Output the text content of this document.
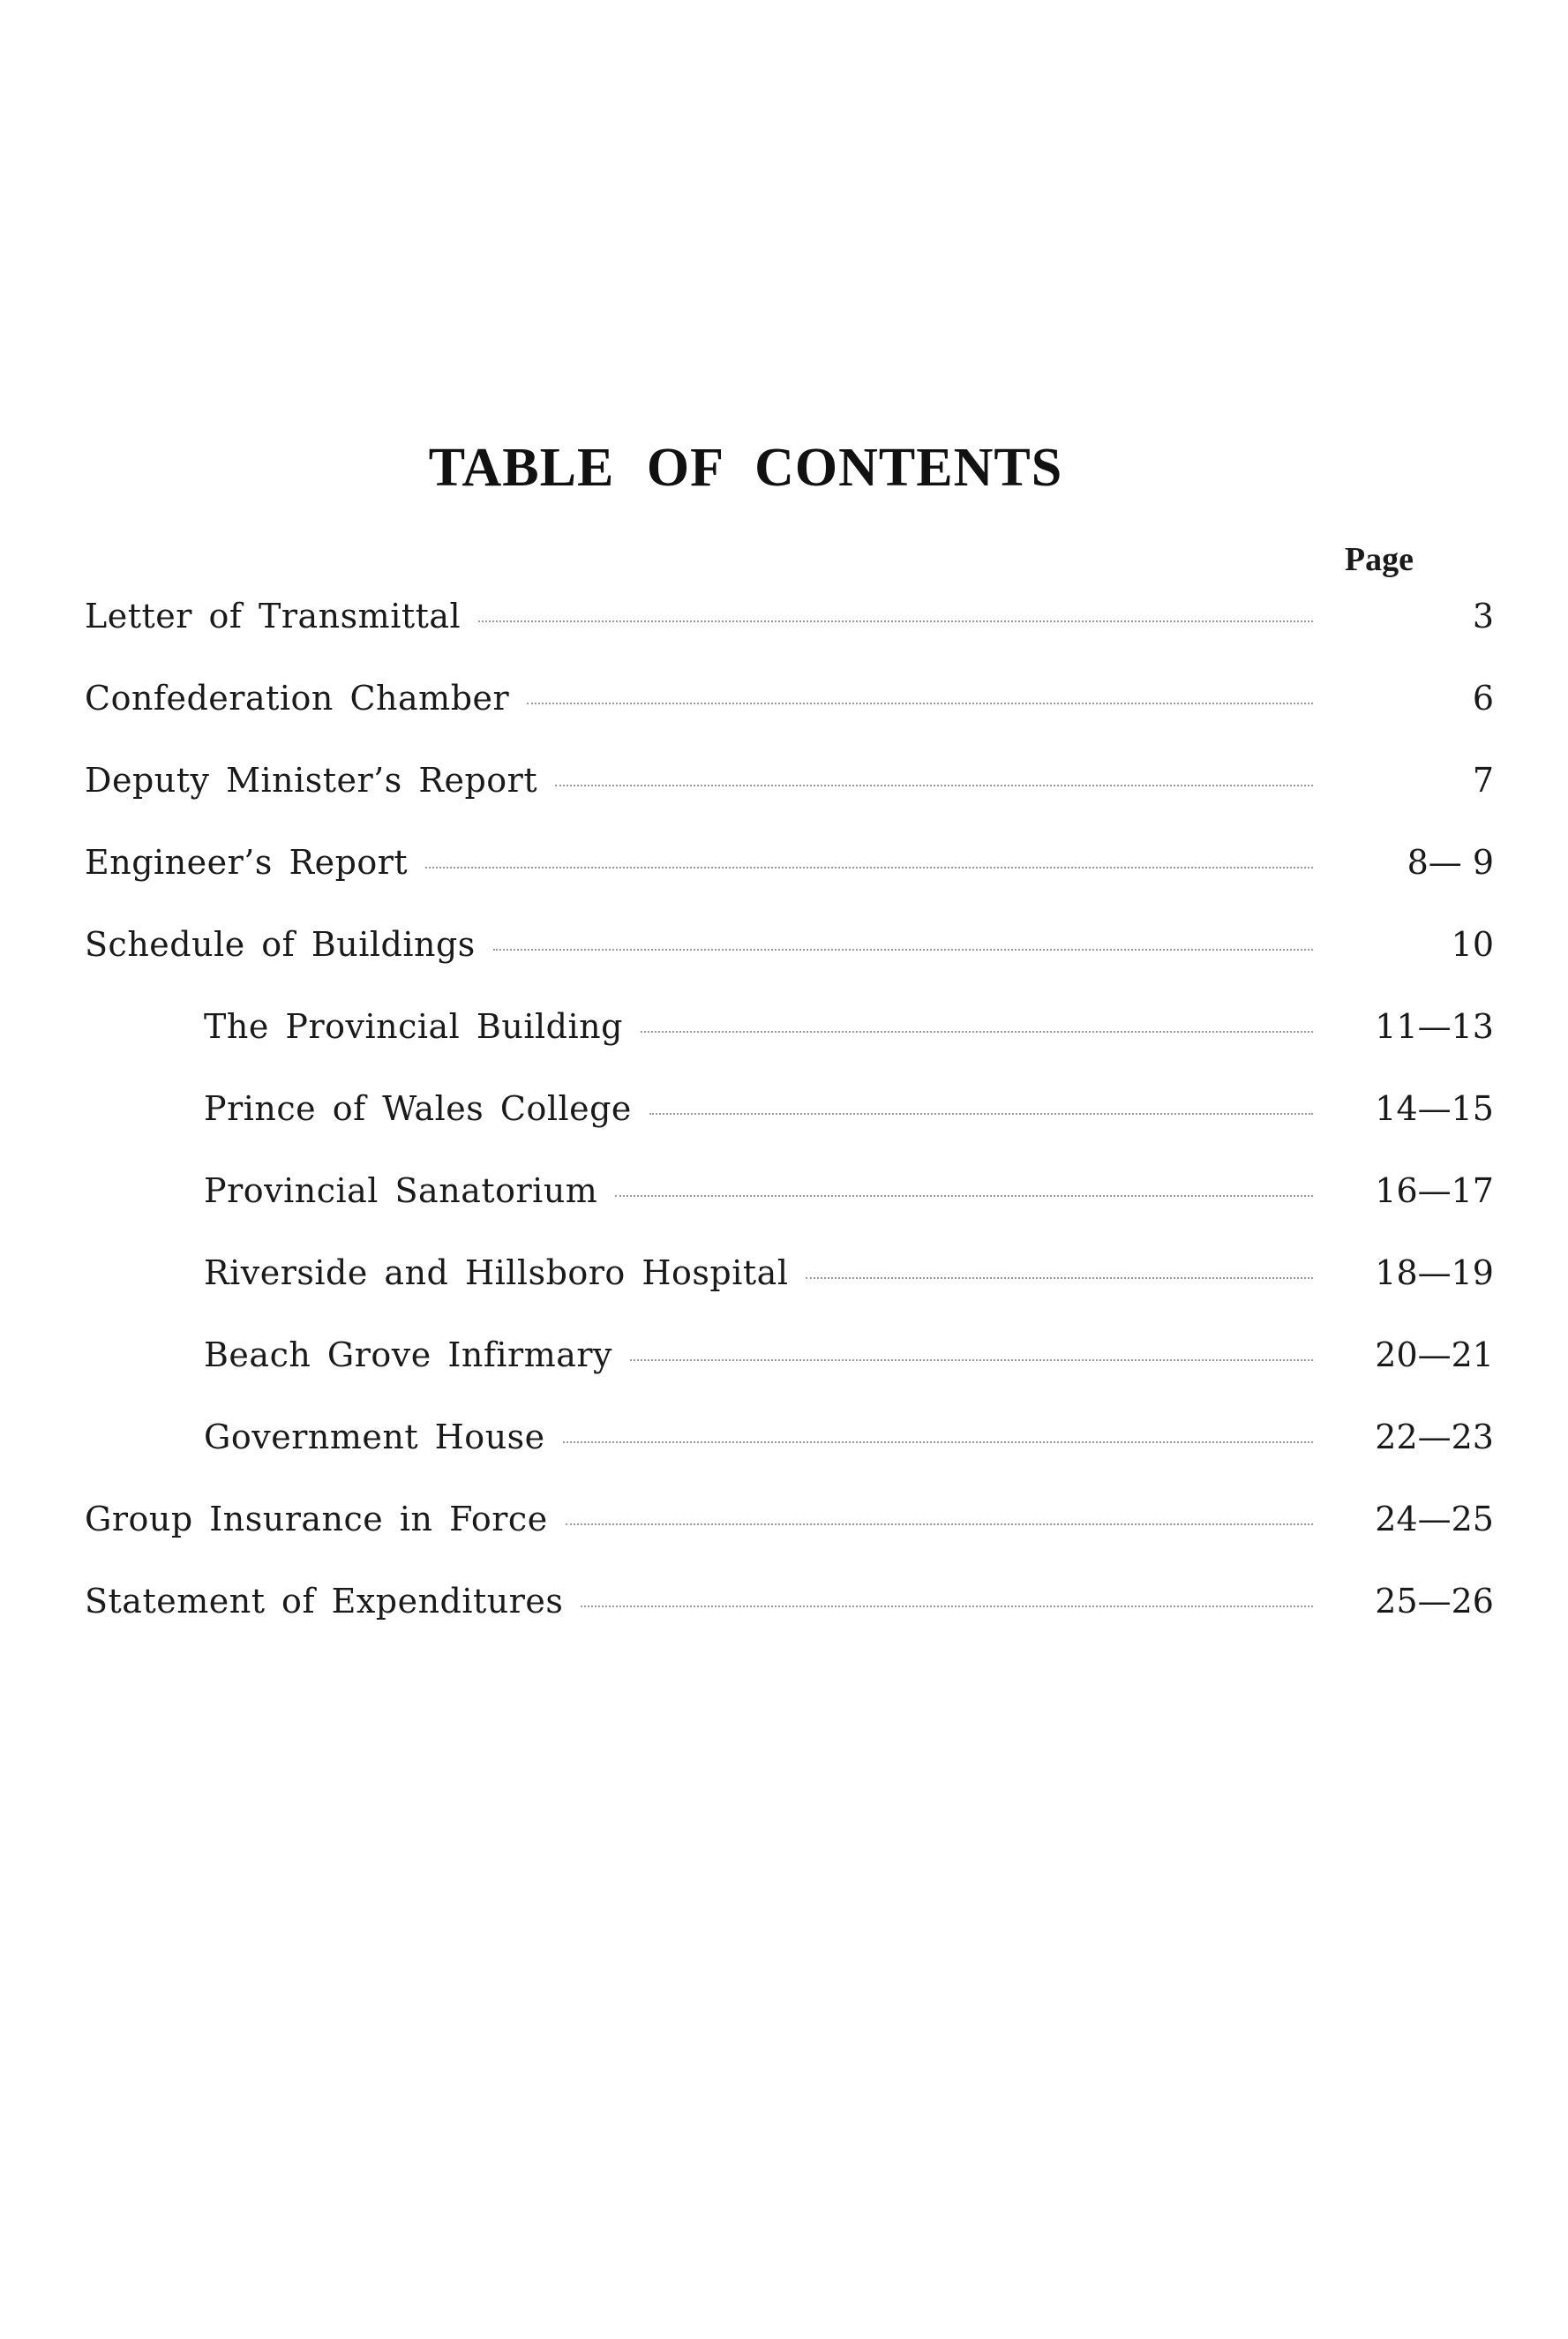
TABLE OF CONTENTS
Page
Letter of Transmittal	3
Confederation Chamber	6
Deputy Minister’s Report	7
Engineer’s Report	8— 9
Schedule of Buildings	10
The Provincial Building	11—13
Prince of Wales College	14—15
Provincial Sanatorium	16—17
Riverside and Hillsboro Hospital	18—19
Beach Grove Infirmary	20—21
Government House	22—23
Group Insurance in Force	24—25
Statement of Expenditures	25—26
